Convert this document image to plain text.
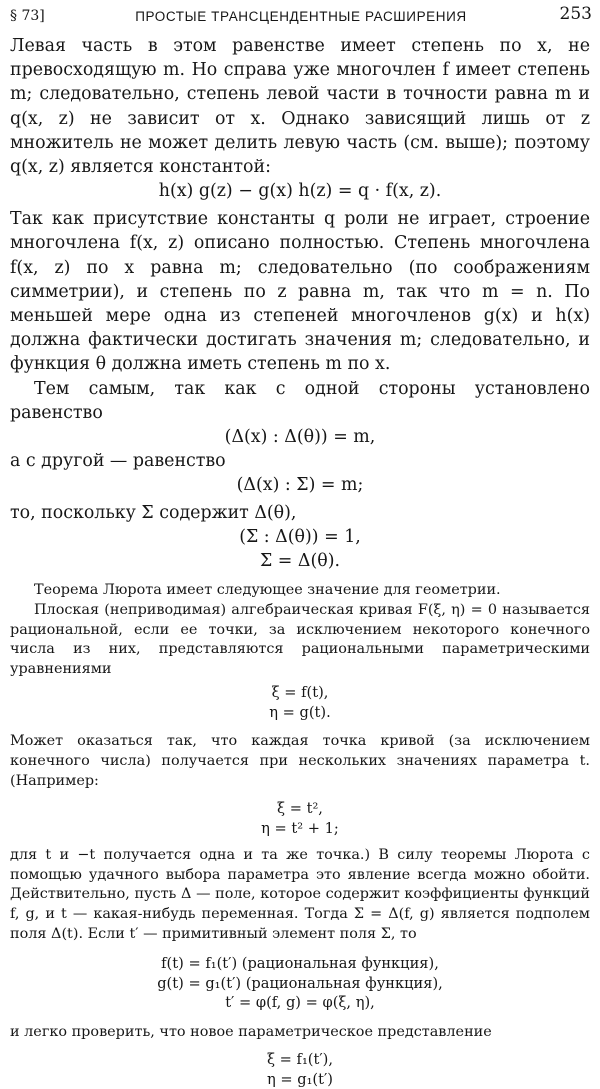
§ 73]	ПРОСТЫЕ ТРАНСЦЕНДЕНТНЫЕ РАСШИРЕНИЯ	253

Левая часть в этом равенстве имеет степень по x, не превосходящую m. Но справа уже многочлен f имеет степень m; следовательно, степень левой части в точности равна m и q(x, z) не зависит от x. Однако зависящий лишь от z множитель не может делить левую часть (см. выше); поэтому q(x, z) является константой:

h(x) g(z) − g(x) h(z) = q · f(x, z).

Так как присутствие константы q роли не играет, строение многочлена f(x, z) описано полностью. Степень многочлена f(x, z) по x равна m; следовательно (по соображениям симметрии), и степень по z равна m, так что m = n. По меньшей мере одна из степеней многочленов g(x) и h(x) должна фактически достигать значения m; следовательно, и функция θ должна иметь степень m по x.

Тем самым, так как с одной стороны установлено равенство

(Δ(x) : Δ(θ)) = m,

а с другой — равенство

(Δ(x) : Σ) = m;

то, поскольку Σ содержит Δ(θ),

(Σ : Δ(θ)) = 1,
Σ = Δ(θ).

Теорема Люрота имеет следующее значение для геометрии.

Плоская (неприводимая) алгебраическая кривая F(ξ, η) = 0 называется рациональной, если ее точки, за исключением некоторого конечного числа из них, представляются рациональными параметрическими уравнениями

ξ = f(t),
η = g(t).

Может оказаться так, что каждая точка кривой (за исключением конечного числа) получается при нескольких значениях параметра t. (Например:

ξ = t²,
η = t² + 1;

для t и −t получается одна и та же точка.) В силу теоремы Люрота с помощью удачного выбора параметра это явление всегда можно обойти. Действительно, пусть Δ — поле, которое содержит коэффициенты функций f, g, и t — какая-нибудь переменная. Тогда Σ = Δ(f, g) является подполем поля Δ(t). Если t′ — примитивный элемент поля Σ, то

f(t) = f₁(t′) (рациональная функция),
g(t) = g₁(t′) (рациональная функция),
t′ = φ(f, g) = φ(ξ, η),

и легко проверить, что новое параметрическое представление

ξ = f₁(t′),
η = g₁(t′)
